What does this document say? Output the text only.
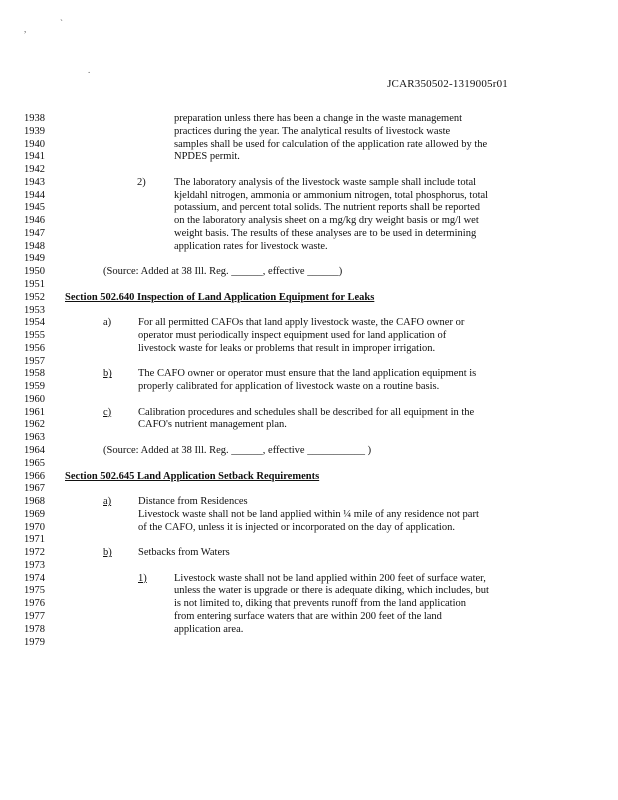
,
`
.
JCAR350502-1319005r01
1938	preparation unless there has been a change in the waste management
1939	practices during the year. The analytical results of livestock waste
1940	samples shall be used for calculation of the application rate allowed by the
1941	NPDES permit.
1942
1943	2)	The laboratory analysis of the livestock waste sample shall include total
1944	kjeldahl nitrogen, ammonia or ammonium nitrogen, total phosphorus, total
1945	potassium, and percent total solids. The nutrient reports shall be reported
1946	on the laboratory analysis sheet on a mg/kg dry weight basis or mg/l wet
1947	weight basis. The results of these analyses are to be used in determining
1948	application rates for livestock waste.
1949
1950	(Source: Added at 38 Ill. Reg. ______, effective ______)
1951
1952	Section 502.640 Inspection of Land Application Equipment for Leaks
1953
1954	a)	For all permitted CAFOs that land apply livestock waste, the CAFO owner or
1955	operator must periodically inspect equipment used for land application of
1956	livestock waste for leaks or problems that result in improper irrigation.
1957
1958	b)	The CAFO owner or operator must ensure that the land application equipment is
1959	properly calibrated for application of livestock waste on a routine basis.
1960
1961	c)	Calibration procedures and schedules shall be described for all equipment in the
1962	CAFO's nutrient management plan.
1963
1964	(Source: Added at 38 Ill. Reg. ______, effective ___________ )
1965
1966	Section 502.645 Land Application Setback Requirements
1967
1968	a)	Distance from Residences
1969	Livestock waste shall not be land applied within ¼ mile of any residence not part
1970	of the CAFO, unless it is injected or incorporated on the day of application.
1971
1972	b)	Setbacks from Waters
1973
1974	1)	Livestock waste shall not be land applied within 200 feet of surface water,
1975	unless the water is upgrade or there is adequate diking, which includes, but
1976	is not limited to, diking that prevents runoff from the land application
1977	from entering surface waters that are within 200 feet of the land
1978	application area.
1979
